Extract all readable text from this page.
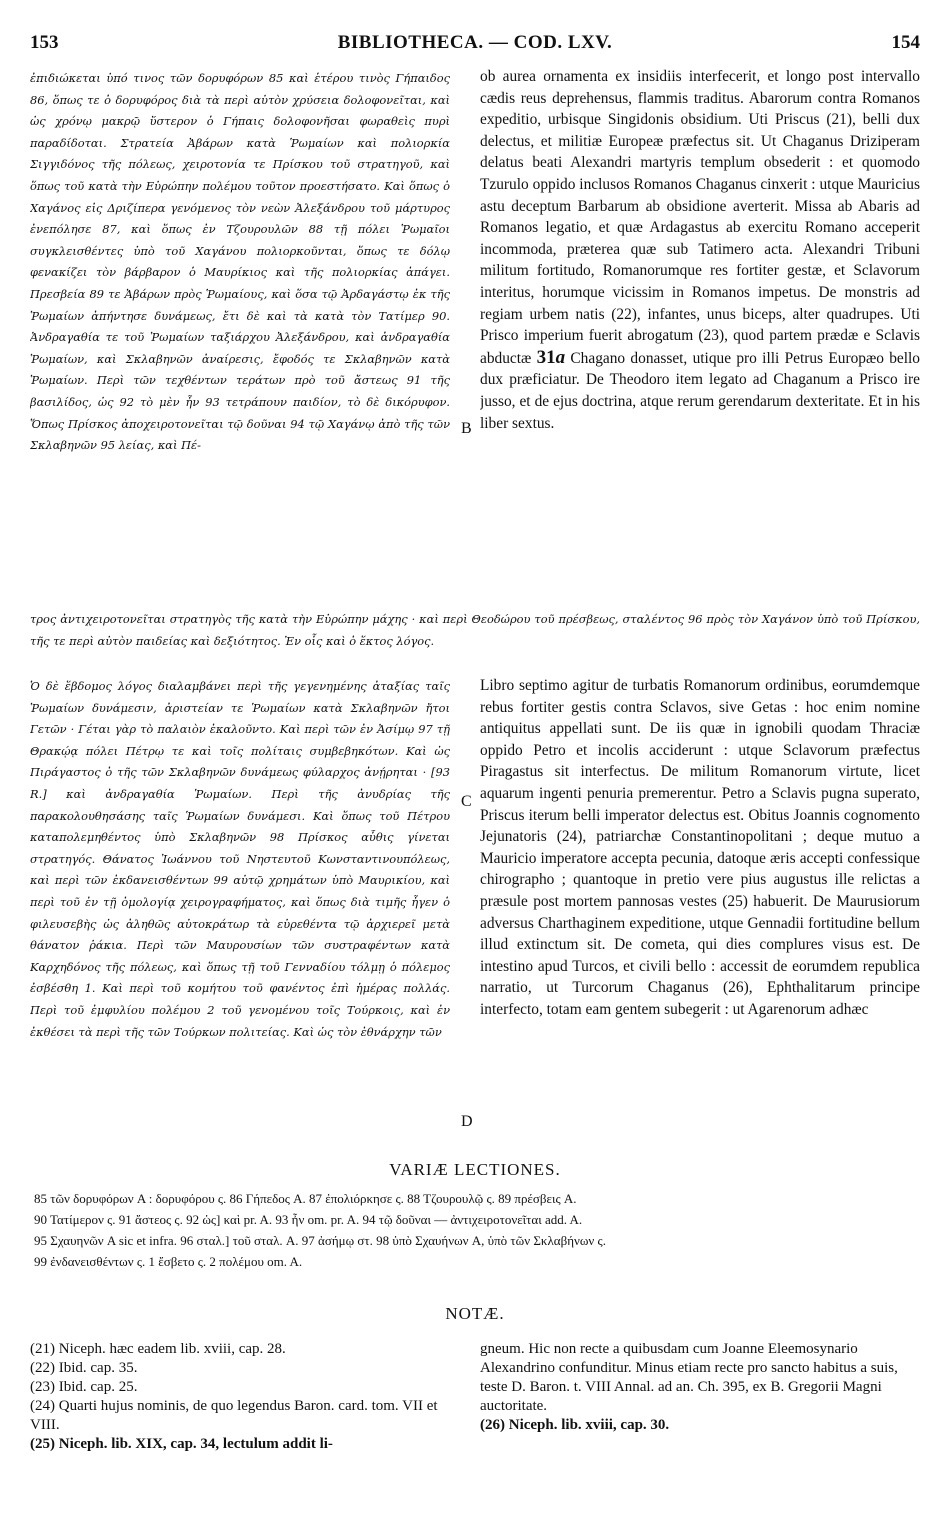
153	BIBLIOTHECA. — COD. LXV.	154
ἐπιδιώκεται ὑπό τινος τῶν δορυφόρων 85 καὶ ἑτέρου τινὸς Γήπαιδος 86, ὅπως τε ὁ δορυφόρος διὰ τὰ περὶ αὐτὸν χρύσεια δολοφονεῖται, καὶ ὡς χρόνῳ μακρῷ ὕστερον ὁ Γήπαις δολοφονῆσαι φωραθεὶς πυρὶ παραδίδοται. Στρατεία Ἀβάρων κατὰ Ῥωμαίων καὶ πολιορκία Σιγγιδόνος τῆς πόλεως, χειροτονία τε Πρίσκου τοῦ στρατηγοῦ, καὶ ὅπως τοῦ κατὰ τὴν Εὐρώπην πολέμου τοῦτον προεστήσατο. Καὶ ὅπως ὁ Χαγάνος εἰς Δριζίπερα γενόμενος τὸν νεὼν Ἀλεξάνδρου τοῦ μάρτυρος ἐνεπόλησε 87, καὶ ὅπως ἐν Τζουρουλῶν 88 τῇ πόλει Ῥωμαῖοι συγκλεισθέντες ὑπὸ τοῦ Χαγάνου πολιορκοῦνται, ὅπως τε δόλῳ φενακίζει τὸν βάρβαρον ὁ Μαυρίκιος καὶ τῆς πολιορκίας ἀπάγει. Πρεσβεία 89 τε Ἀβάρων πρὸς Ῥωμαίους, καὶ ὅσα τῷ Ἀρδαγάστῳ ἐκ τῆς Ῥωμαίων ἀπήντησε δυνάμεως, ἔτι δὲ καὶ τὰ κατὰ τὸν Τατίμερ 90. Ἀνδραγαθία τε τοῦ Ῥωμαίων ταξιάρχου Ἀλεξάνδρου, καὶ ἀνδραγαθία Ῥωμαίων, καὶ Σκλαβηνῶν ἀναίρεσις, ἔφοδός τε Σκλαβηνῶν κατὰ Ῥωμαίων. Περὶ τῶν τεχθέντων τεράτων πρὸ τοῦ ἄστεως 91 τῆς βασιλίδος, ὡς 92 τὸ μὲν ἦν 93 τετράπουν παιδίον, τὸ δὲ δικόρυφον. Ὅπως Πρίσκος ἀποχειροτονεῖται τῷ δοῦναι 94 τῷ Χαγάνῳ ἀπὸ τῆς τῶν Σκλαβηνῶν 95 λείας, καὶ Πέ-
ob aurea ornamenta ex insidiis interfecerit, et longo post intervallo cædis reus deprehensus, flammis traditus. Abarorum contra Romanos expeditio, urbisque Singidonis obsidium. Uti Priscus (21), belli dux delectus, et militiæ Europeæ præfectus sit. Ut Chaganus Driziperam delatus beati Alexandri martyris templum obsederit : et quomodo Tzurulo oppido inclusos Romanos Chaganus cinxerit : utque Mauricius astu deceptum Barbarum ab obsidione averterit. Missa ab Abaris ad Romanos legatio, et quæ Ardagastus ab exercitu Romano acceperit incommoda, præterea quæ sub Tatimero acta. Alexandri Tribuni militum fortitudo, Romanorumque res fortiter gestæ, et Sclavorum interitus, horumque vicissim in Romanos impetus. De monstris ad regiam urbem natis (22), infantes, unus biceps, alter quadrupes. Uti Prisco imperium fuerit abrogatum (23), quod partem prædæ e Sclavis abductæ 31a Chagano donasset, utique pro illi Petrus Europæo bello dux præficiatur. De Theodoro item legato ad Chaganum a Prisco ire jusso, et de ejus doctrina, atque rerum gerendarum dexteritate. Et in his liber sextus.
B
τρος ἀντιχειροτονεῖται στρατηγὸς τῆς κατὰ τὴν Εὐρώπην μάχης · καὶ περὶ Θεοδώρου τοῦ πρέσβεως, σταλέντος 96 πρὸς τὸν Χαγάνον ὑπὸ τοῦ Πρίσκου, τῆς τε περὶ αὐτὸν παιδείας καὶ δεξιότητος. Ἐν οἷς καὶ ὁ ἕκτος λόγος.
Ὁ δὲ ἕβδομος λόγος διαλαμβάνει περὶ τῆς γεγενημένης ἀταξίας ταῖς Ῥωμαίων δυνάμεσιν, ἀριστείαν τε Ῥωμαίων κατὰ Σκλαβηνῶν ἤτοι Γετῶν · Γέται γὰρ τὸ παλαιὸν ἐκαλοῦντο. Καὶ περὶ τῶν ἐν Ἀσίμῳ 97 τῇ Θρακῴᾳ πόλει Πέτρῳ τε καὶ τοῖς πολίταις συμβεβηκότων. Καὶ ὡς Πιράγαστος ὁ τῆς τῶν Σκλαβηνῶν δυνάμεως φύλαρχος ἀνῄρηται · [93 R.] καὶ ἀνδραγαθία Ῥωμαίων. Περὶ τῆς ἀνυδρίας τῆς παρακολουθησάσης ταῖς Ῥωμαίων δυνάμεσι. Καὶ ὅπως τοῦ Πέτρου καταπολεμηθέντος ὑπὸ Σκλαβηνῶν 98 Πρίσκος αὖθις γίνεται στρατηγός. Θάνατος Ἰωάννου τοῦ Νηστευτοῦ Κωνσταντινουπόλεως, καὶ περὶ τῶν ἐκδανεισθέντων 99 αὐτῷ χρημάτων ὑπὸ Μαυρικίου, καὶ περὶ τοῦ ἐν τῇ ὁμολογίᾳ χειρογραφήματος, καὶ ὅπως διὰ τιμῆς ἦγεν ὁ φιλευσεβὴς ὡς ἀληθῶς αὐτοκράτωρ τὰ εὑρεθέντα τῷ ἀρχιερεῖ μετὰ θάνατον ῥάκια. Περὶ τῶν Μαυρουσίων τῶν συστραφέντων κατὰ Καρχηδόνος τῆς πόλεως, καὶ ὅπως τῇ τοῦ Γενναδίου τόλμῃ ὁ πόλεμος ἐσβέσθη 1. Καὶ περὶ τοῦ κομήτου τοῦ φανέντος ἐπὶ ἡμέρας πολλάς. Περὶ τοῦ ἐμφυλίου πολέμου 2 τοῦ γενομένου τοῖς Τούρκοις, καὶ ἐν ἐκθέσει τὰ περὶ τῆς τῶν Τούρκων πολιτείας. Καὶ ὡς τὸν ἐθνάρχην τῶν
Libro septimo agitur de turbatis Romanorum ordinibus, eorumdemque rebus fortiter gestis contra Sclavos, sive Getas : hoc enim nomine antiquitus appellati sunt. De iis quæ in ignobili quodam Thraciæ oppido Petro et incolis acciderunt : utque Sclavorum præfectus Piragastus sit interfectus. De militum Romanorum virtute, licet aquarum ingenti penuria premerentur. Petro a Sclavis pugna superato, Priscus iterum belli imperator delectus est. Obitus Joannis cognomento Jejunatoris (24), patriarchæ Constantinopolitani ; deque mutuo a Mauricio imperatore accepta pecunia, datoque æris accepti confessique chirographo ; quantoque in pretio vere pius augustus ille relictas a præsule post mortem pannosas vestes (25) habuerit. De Maurusiorum adversus Charthaginem expeditione, utque Gennadii fortitudine bellum illud extinctum sit. De cometa, qui dies complures visus est. De intestino apud Turcos, et civili bello : accessit de eorumdem republica narratio, ut Turcorum Chaganus (26), Ephthalitarum principe interfecto, totam eam gentem subegerit : ut Agarenorum adhæc
C
D
VARIÆ LECTIONES.

85 τῶν δορυφόρων A : δορυφόρου ς. 86 Γήπεδος A. 87 ἐπολιόρκησε ς. 88 Τζουρουλῷ ς. 89 πρέσβεις A.

90 Τατίμερον ς. 91 ἄστεος ς. 92 ὡς] καὶ pr. A. 93 ἦν om. pr. A. 94 τῷ δοῦναι — ἀντιχειροτονεῖται add. A.

95 Σχαυηνῶν A sic et infra. 96 σταλ.] τοῦ σταλ. A. 97 ἀσήμῳ στ. 98 ὑπὸ Σχαυήνων A, ὑπὸ τῶν Σκλαβήνων ς.

99 ἐνδανεισθέντων ς. 1 ἔσβετο ς. 2 πολέμου om. A.

NOTÆ.

(21) Niceph. hæc eadem lib. xviii, cap. 28.

(22) Ibid. cap. 35.

(23) Ibid. cap. 25.

(24) Quarti hujus nominis, de quo legendus Baron. card. tom. VII et VIII.

(25) Niceph. lib. XIX, cap. 34, lectulum addit li-

gneum. Hic non recte a quibusdam cum Joanne Eleemosynario Alexandrino confunditur. Minus etiam recte pro sancto habitus a suis, teste D. Baron. t. VIII Annal. ad an. Ch. 395, ex B. Gregorii Magni auctoritate.

(26) Niceph. lib. xviii, cap. 30.
